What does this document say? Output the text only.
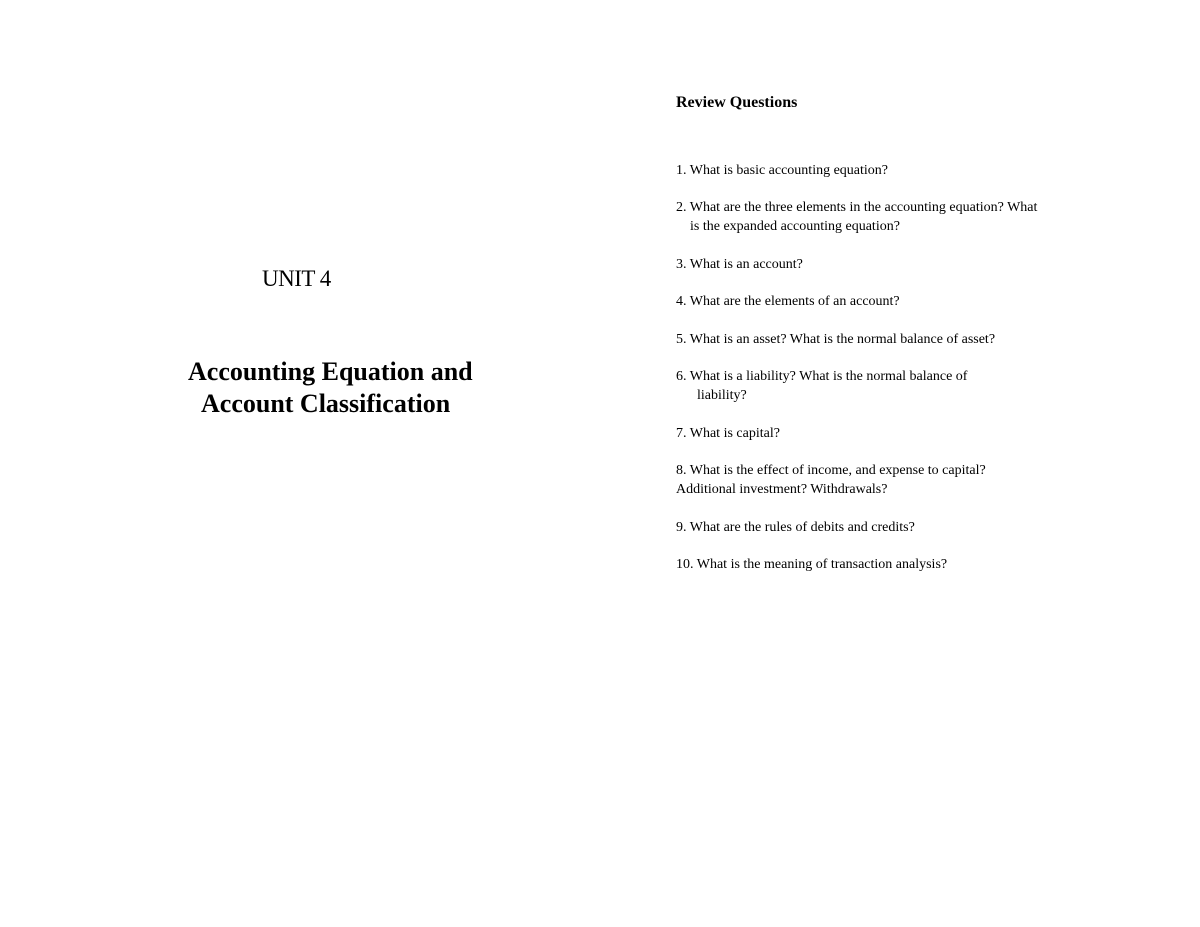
UNIT 4
Accounting Equation and
Account Classification
Review Questions
1. What is basic accounting equation?
2. What are the three elements in the accounting equation? What
is the expanded accounting equation?
3. What is an account?
4. What are the elements of an account?
5. What is an asset? What is the normal balance of asset?
6. What is a liability? What is the normal balance of
liability?
7. What is capital?
8. What is the effect of income, and expense to capital?
Additional investment? Withdrawals?
9. What are the rules of debits and credits?
10. What is the meaning of transaction analysis?
